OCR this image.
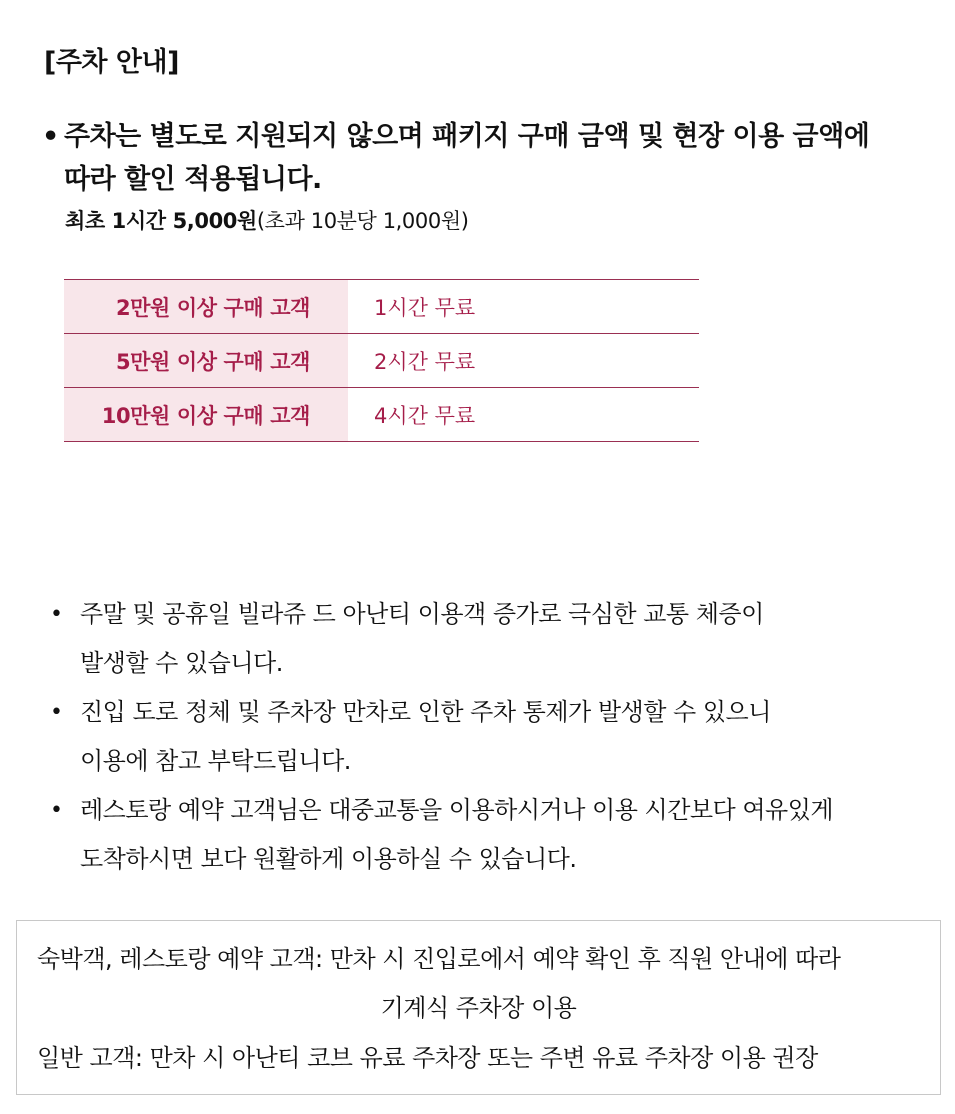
[주차 안내]
• 주차는 별도로 지원되지 않으며 패키지 구매 금액 및 현장 이용 금액에
따라 할인 적용됩니다.
최초 1시간 5,000원(초과 10분당 1,000원)
2만원 이상 구매 고객	1시간 무료
5만원 이상 구매 고객	2시간 무료
10만원 이상 구매 고객	4시간 무료
• 주말 및 공휴일 빌라쥬 드 아난티 이용객 증가로 극심한 교통 체증이
발생할 수 있습니다.
• 진입 도로 정체 및 주차장 만차로 인한 주차 통제가 발생할 수 있으니
이용에 참고 부탁드립니다.
• 레스토랑 예약 고객님은 대중교통을 이용하시거나 이용 시간보다 여유있게
도착하시면 보다 원활하게 이용하실 수 있습니다.
숙박객, 레스토랑 예약 고객: 만차 시 진입로에서 예약 확인 후 직원 안내에 따라
기계식 주차장 이용
일반 고객: 만차 시 아난티 코브 유료 주차장 또는 주변 유료 주차장 이용 권장
